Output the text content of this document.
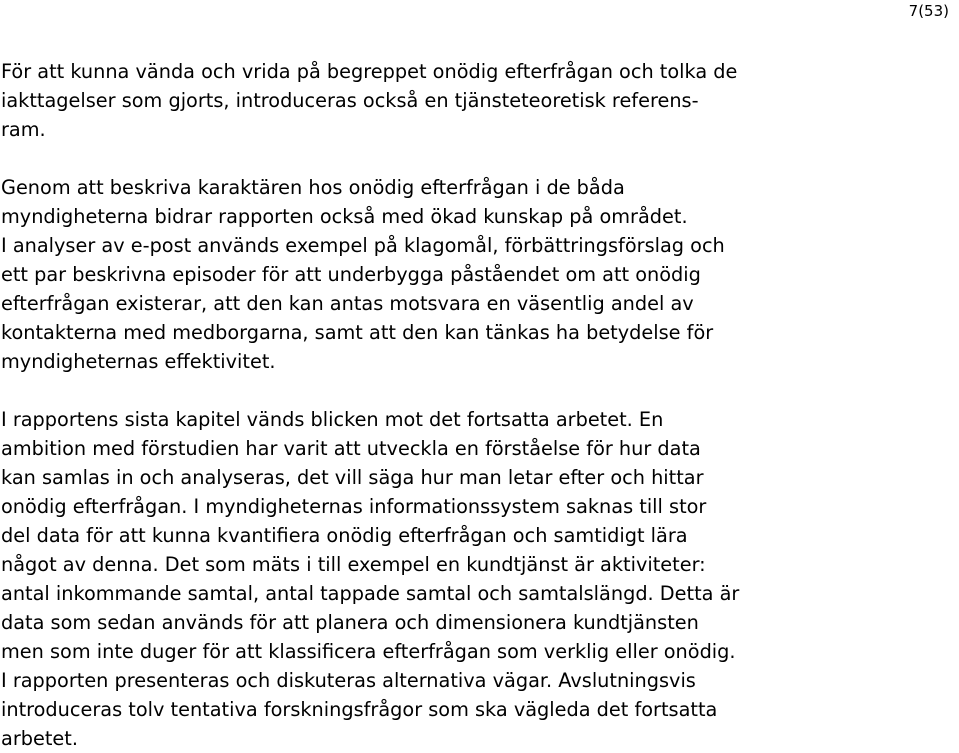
7(53)

För att kunna vända och vrida på begreppet onödig efterfrågan och tolka de
iakttagelser som gjorts, introduceras också en tjänsteteoretisk referens-
ram.

Genom att beskriva karaktären hos onödig efterfrågan i de båda
myndigheterna bidrar rapporten också med ökad kunskap på området.
I analyser av e-post används exempel på klagomål, förbättringsförslag och
ett par beskrivna episoder för att underbygga påståendet om att onödig
efterfrågan existerar, att den kan antas motsvara en väsentlig andel av
kontakterna med medborgarna, samt att den kan tänkas ha betydelse för
myndigheternas effektivitet.

I rapportens sista kapitel vänds blicken mot det fortsatta arbetet. En
ambition med förstudien har varit att utveckla en förståelse för hur data
kan samlas in och analyseras, det vill säga hur man letar efter och hittar
onödig efterfrågan. I myndigheternas informationssystem saknas till stor
del data för att kunna kvantifiera onödig efterfrågan och samtidigt lära
något av denna. Det som mäts i till exempel en kundtjänst är aktiviteter:
antal inkommande samtal, antal tappade samtal och samtalslängd. Detta är
data som sedan används för att planera och dimensionera kundtjänsten
men som inte duger för att klassificera efterfrågan som verklig eller onödig.
I rapporten presenteras och diskuteras alternativa vägar. Avslutningsvis
introduceras tolv tentativa forskningsfrågor som ska vägleda det fortsatta
arbetet.
